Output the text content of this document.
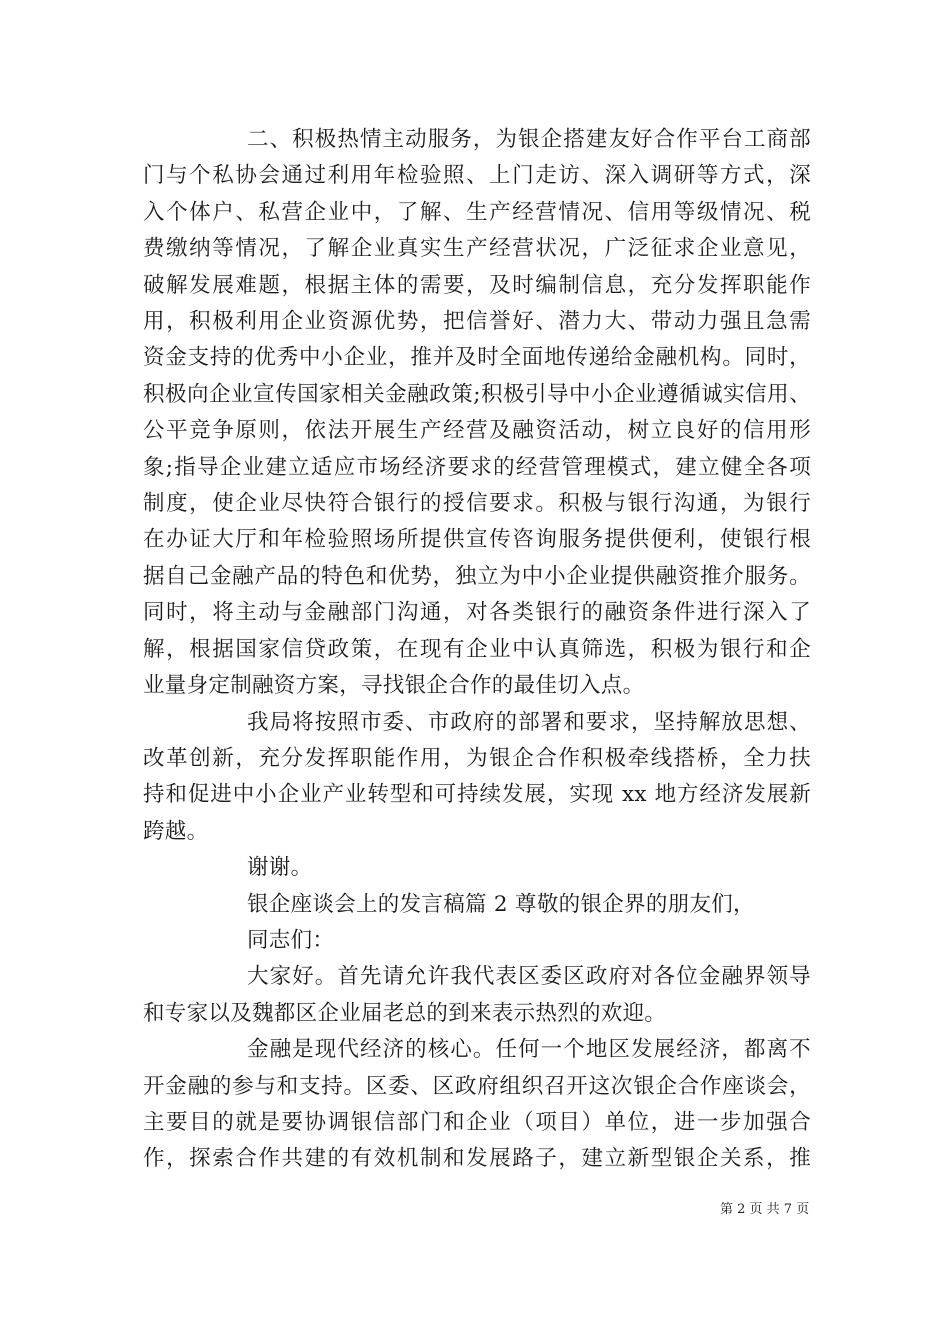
二、积极热情主动服务，为银企搭建友好合作平台工商部
门与个私协会通过利用年检验照、上门走访、深入调研等方式，深
入个体户、私营企业中，了解、生产经营情况、信用等级情况、税
费缴纳等情况，了解企业真实生产经营状况，广泛征求企业意见，
破解发展难题，根据主体的需要，及时编制信息，充分发挥职能作
用，积极利用企业资源优势，把信誉好、潜力大、带动力强且急需
资金支持的优秀中小企业，推并及时全面地传递给金融机构。同时，
积极向企业宣传国家相关金融政策;积极引导中小企业遵循诚实信用、
公平竞争原则，依法开展生产经营及融资活动，树立良好的信用形
象;指导企业建立适应市场经济要求的经营管理模式，建立健全各项
制度，使企业尽快符合银行的授信要求。积极与银行沟通，为银行
在办证大厅和年检验照场所提供宣传咨询服务提供便利，使银行根
据自己金融产品的特色和优势，独立为中小企业提供融资推介服务。
同时，将主动与金融部门沟通，对各类银行的融资条件进行深入了
解，根据国家信贷政策，在现有企业中认真筛选，积极为银行和企
业量身定制融资方案，寻找银企合作的最佳切入点。
我局将按照市委、市政府的部署和要求，坚持解放思想、
改革创新，充分发挥职能作用，为银企合作积极牵线搭桥，全力扶
持和促进中小企业产业转型和可持续发展，实现 xx 地方经济发展新
跨越。
谢谢。
银企座谈会上的发言稿篇 2 尊敬的银企界的朋友们，
同志们：
大家好。首先请允许我代表区委区政府对各位金融界领导
和专家以及魏都区企业届老总的到来表示热烈的欢迎。
金融是现代经济的核心。任何一个地区发展经济，都离不
开金融的参与和支持。区委、区政府组织召开这次银企合作座谈会，
主要目的就是要协调银信部门和企业（项目）单位，进一步加强合
作，探索合作共建的有效机制和发展路子，建立新型银企关系，推
第 2 页 共 7 页
